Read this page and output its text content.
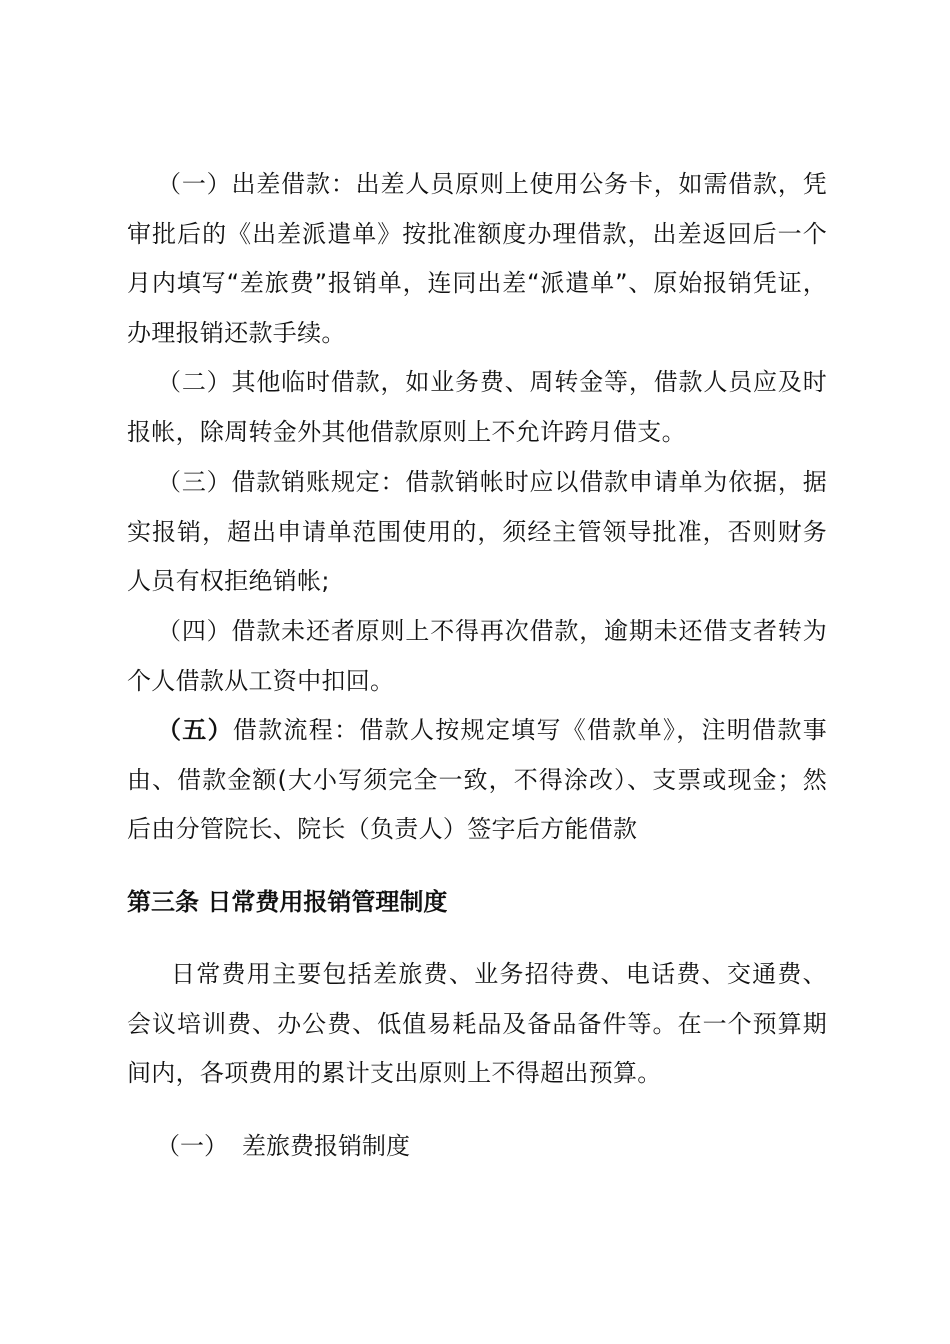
（一）出差借款：出差人员原则上使用公务卡，如需借款，凭审批后的《出差派遣单》按批准额度办理借款，出差返回后一个月内填写“差旅费”报销单，连同出差“派遣单”、原始报销凭证，办理报销还款手续。

（二）其他临时借款，如业务费、周转金等，借款人员应及时报帐，除周转金外其他借款原则上不允许跨月借支。

（三）借款销账规定：借款销帐时应以借款申请单为依据，据实报销，超出申请单范围使用的，须经主管领导批准，否则财务人员有权拒绝销帐;

（四）借款未还者原则上不得再次借款，逾期未还借支者转为个人借款从工资中扣回。

（五）借款流程：借款人按规定填写《借款单》，注明借款事由、借款金额(大小写须完全一致，不得涂改）、支票或现金；然后由分管院长、院长（负责人）签字后方能借款

第三条 日常费用报销管理制度

日常费用主要包括差旅费、业务招待费、电话费、交通费、会议培训费、办公费、低值易耗品及备品备件等。在一个预算期间内，各项费用的累计支出原则上不得超出预算。

（一） 差旅费报销制度
